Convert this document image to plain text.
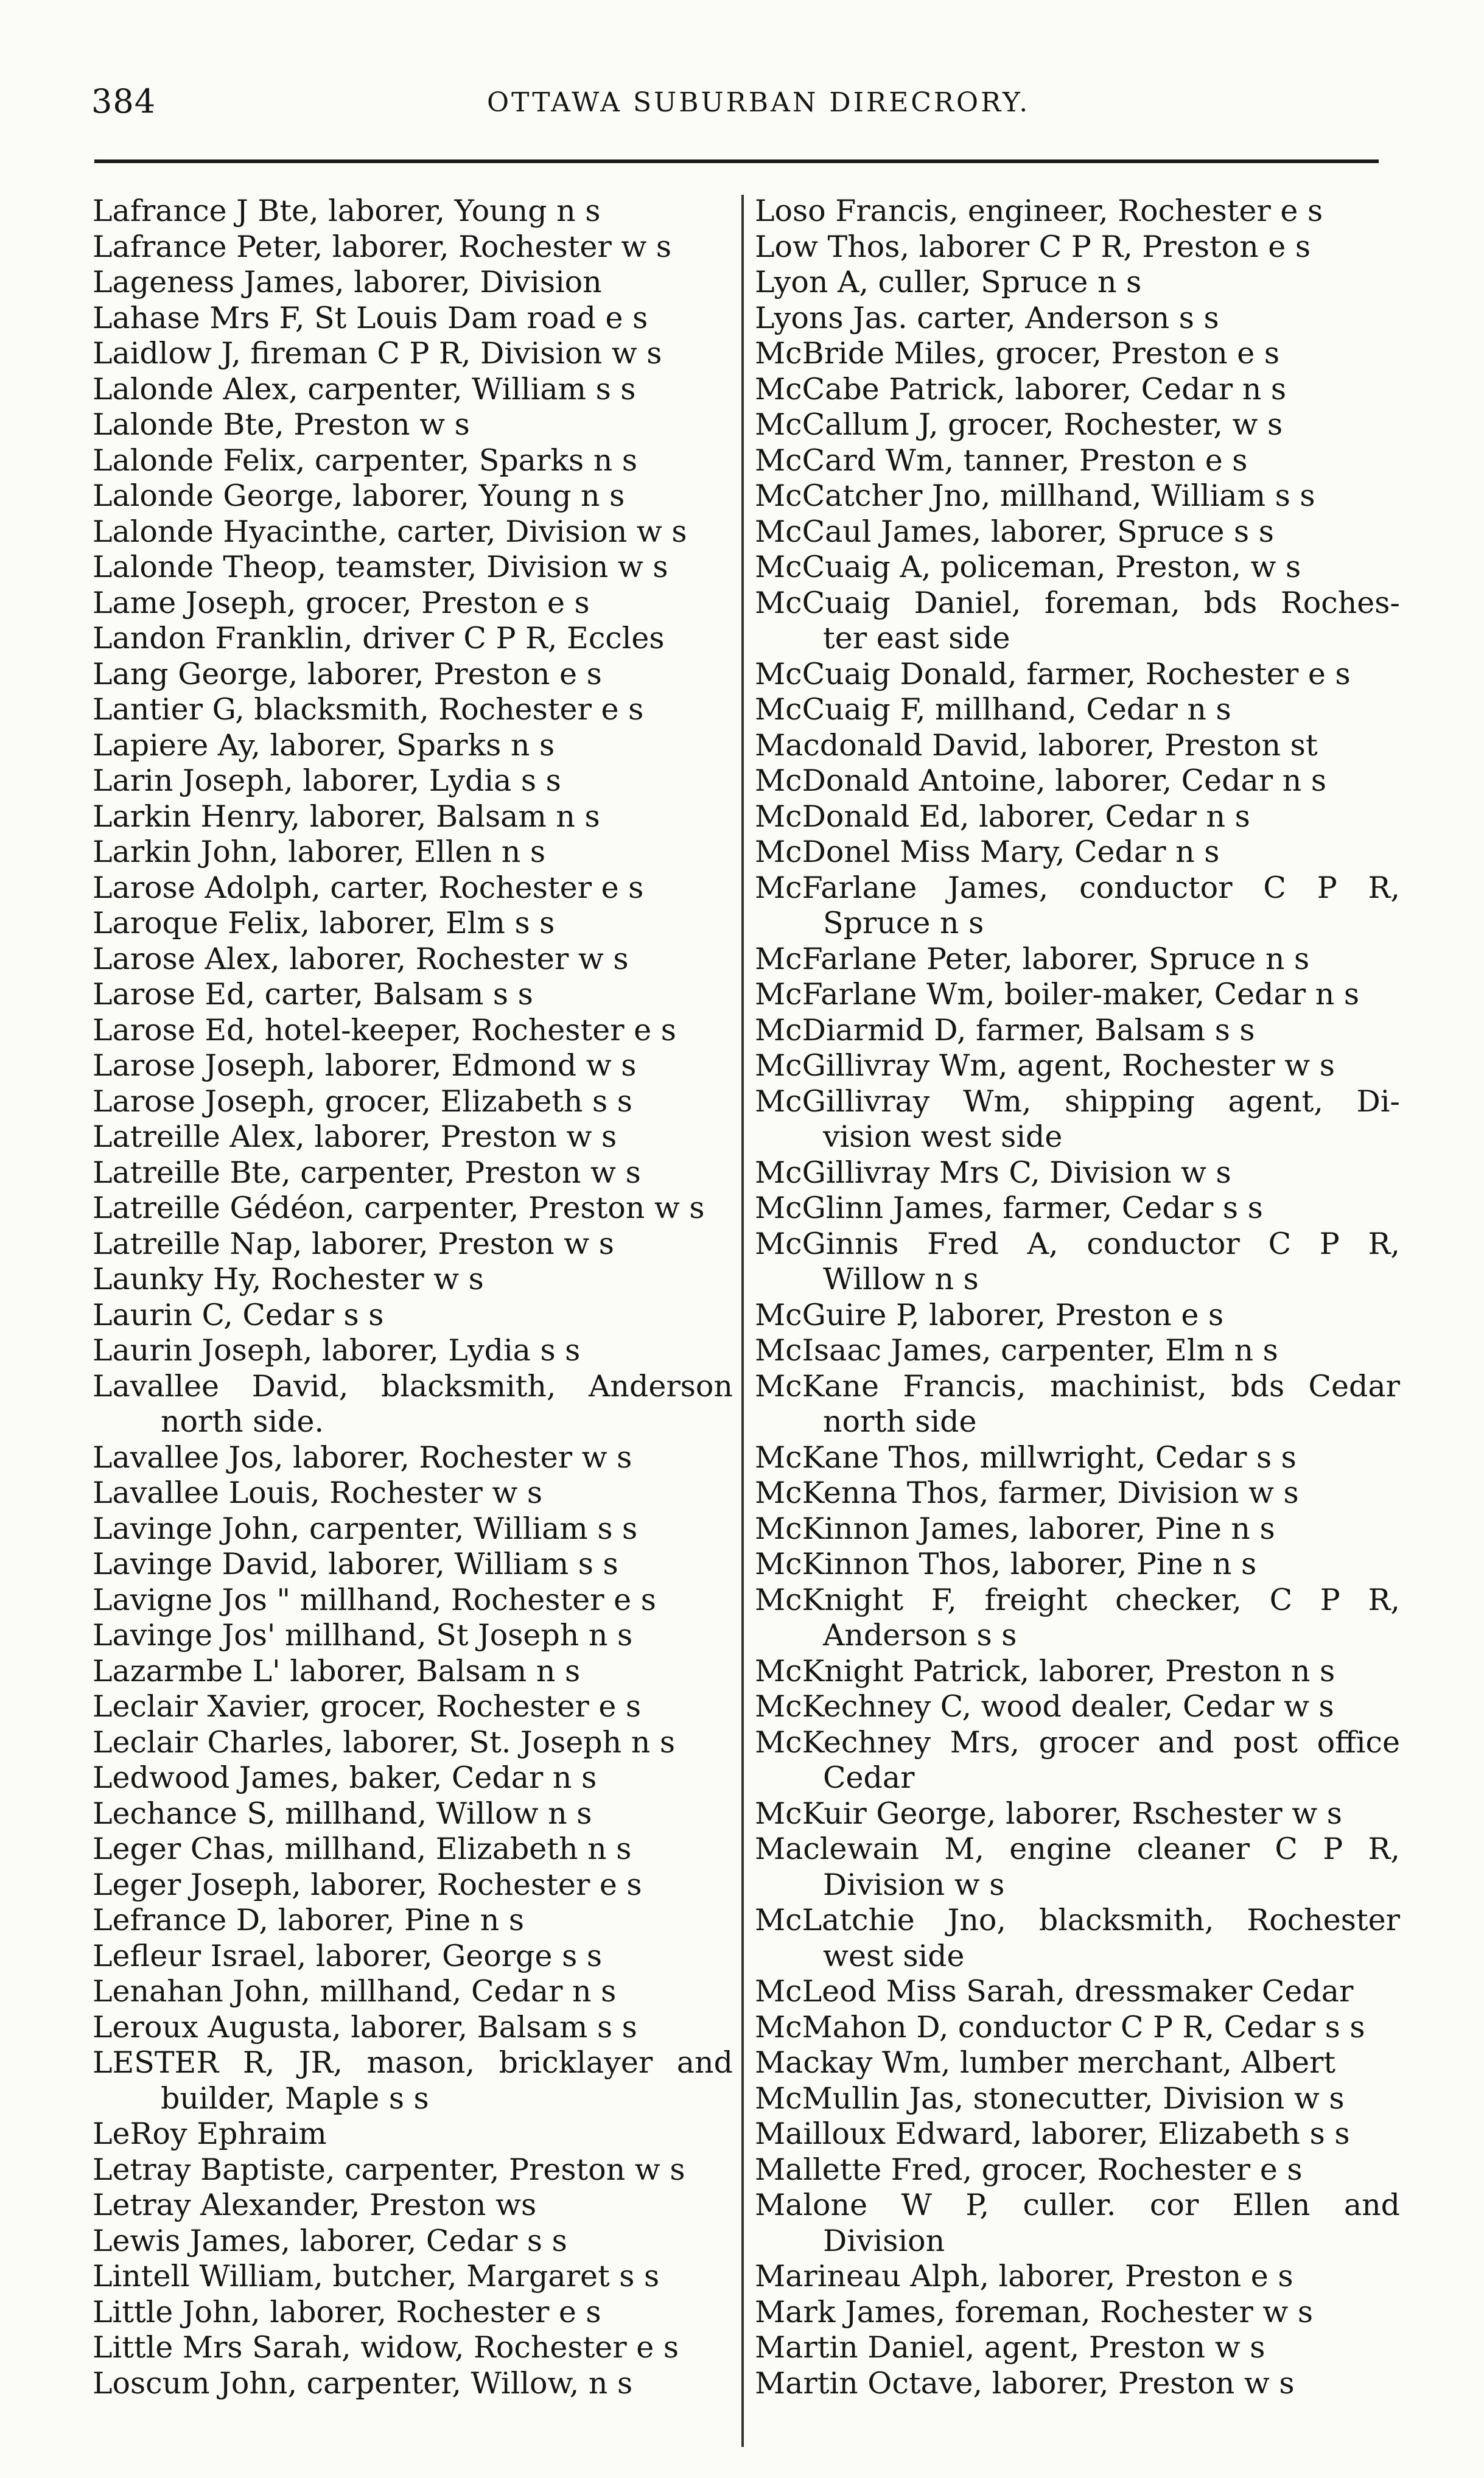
384	OTTAWA SUBURBAN DIRECRORY.
Lafrance J Bte, laborer, Young n s
Lafrance Peter, laborer, Rochester w s
Lageness James, laborer, Division
Lahase Mrs F, St Louis Dam road e s
Laidlow J, fireman C P R, Division w s
Lalonde Alex, carpenter, William s s
Lalonde Bte, Preston w s
Lalonde Felix, carpenter, Sparks n s
Lalonde George, laborer, Young n s
Lalonde Hyacinthe, carter, Division w s
Lalonde Theop, teamster, Division w s
Lame Joseph, grocer, Preston e s
Landon Franklin, driver C P R, Eccles
Lang George, laborer, Preston e s
Lantier G, blacksmith, Rochester e s
Lapiere Ay, laborer, Sparks n s
Larin Joseph, laborer, Lydia s s
Larkin Henry, laborer, Balsam n s
Larkin John, laborer, Ellen n s
Larose Adolph, carter, Rochester e s
Laroque Felix, laborer, Elm s s
Larose Alex, laborer, Rochester w s
Larose Ed, carter, Balsam s s
Larose Ed, hotel-keeper, Rochester e s
Larose Joseph, laborer, Edmond w s
Larose Joseph, grocer, Elizabeth s s
Latreille Alex, laborer, Preston w s
Latreille Bte, carpenter, Preston w s
Latreille Gédéon, carpenter, Preston w s
Latreille Nap, laborer, Preston w s
Launky Hy, Rochester w s
Laurin C, Cedar s s
Laurin Joseph, laborer, Lydia s s
Lavallee David, blacksmith, Anderson
north side.
Lavallee Jos, laborer, Rochester w s
Lavallee Louis, Rochester w s
Lavinge John, carpenter, William s s
Lavinge David, laborer, William s s
Lavigne Jos " millhand, Rochester e s
Lavinge Jos' millhand, St Joseph n s
Lazarmbe L' laborer, Balsam n s
Leclair Xavier, grocer, Rochester e s
Leclair Charles, laborer, St. Joseph n s
Ledwood James, baker, Cedar n s
Lechance S, millhand, Willow n s
Leger Chas, millhand, Elizabeth n s
Leger Joseph, laborer, Rochester e s
Lefrance D, laborer, Pine n s
Lefleur Israel, laborer, George s s
Lenahan John, millhand, Cedar n s
Leroux Augusta, laborer, Balsam s s
LESTER R, JR, mason, bricklayer and
builder, Maple s s
LeRoy Ephraim
Letray Baptiste, carpenter, Preston w s
Letray Alexander, Preston ws
Lewis James, laborer, Cedar s s
Lintell William, butcher, Margaret s s
Little John, laborer, Rochester e s
Little Mrs Sarah, widow, Rochester e s
Loscum John, carpenter, Willow, n s
Loso Francis, engineer, Rochester e s
Low Thos, laborer C P R, Preston e s
Lyon A, culler, Spruce n s
Lyons Jas. carter, Anderson s s
McBride Miles, grocer, Preston e s
McCabe Patrick, laborer, Cedar n s
McCallum J, grocer, Rochester, w s
McCard Wm, tanner, Preston e s
McCatcher Jno, millhand, William s s
McCaul James, laborer, Spruce s s
McCuaig A, policeman, Preston, w s
McCuaig Daniel, foreman, bds Roches-
ter east side
McCuaig Donald, farmer, Rochester e s
McCuaig F, millhand, Cedar n s
Macdonald David, laborer, Preston st
McDonald Antoine, laborer, Cedar n s
McDonald Ed, laborer, Cedar n s
McDonel Miss Mary, Cedar n s
McFarlane James, conductor C P R,
Spruce n s
McFarlane Peter, laborer, Spruce n s
McFarlane Wm, boiler-maker, Cedar n s
McDiarmid D, farmer, Balsam s s
McGillivray Wm, agent, Rochester w s
McGillivray Wm, shipping agent, Di-
vision west side
McGillivray Mrs C, Division w s
McGlinn James, farmer, Cedar s s
McGinnis Fred A, conductor C P R,
Willow n s
McGuire P, laborer, Preston e s
McIsaac James, carpenter, Elm n s
McKane Francis, machinist, bds Cedar
north side
McKane Thos, millwright, Cedar s s
McKenna Thos, farmer, Division w s
McKinnon James, laborer, Pine n s
McKinnon Thos, laborer, Pine n s
McKnight F, freight checker, C P R,
Anderson s s
McKnight Patrick, laborer, Preston n s
McKechney C, wood dealer, Cedar w s
McKechney Mrs, grocer and post office
Cedar
McKuir George, laborer, Rschester w s
Maclewain M, engine cleaner C P R,
Division w s
McLatchie Jno, blacksmith, Rochester
west side
McLeod Miss Sarah, dressmaker Cedar
McMahon D, conductor C P R, Cedar s s
Mackay Wm, lumber merchant, Albert
McMullin Jas, stonecutter, Division w s
Mailloux Edward, laborer, Elizabeth s s
Mallette Fred, grocer, Rochester e s
Malone W P, culler. cor Ellen and
Division
Marineau Alph, laborer, Preston e s
Mark James, foreman, Rochester w s
Martin Daniel, agent, Preston w s
Martin Octave, laborer, Preston w s
